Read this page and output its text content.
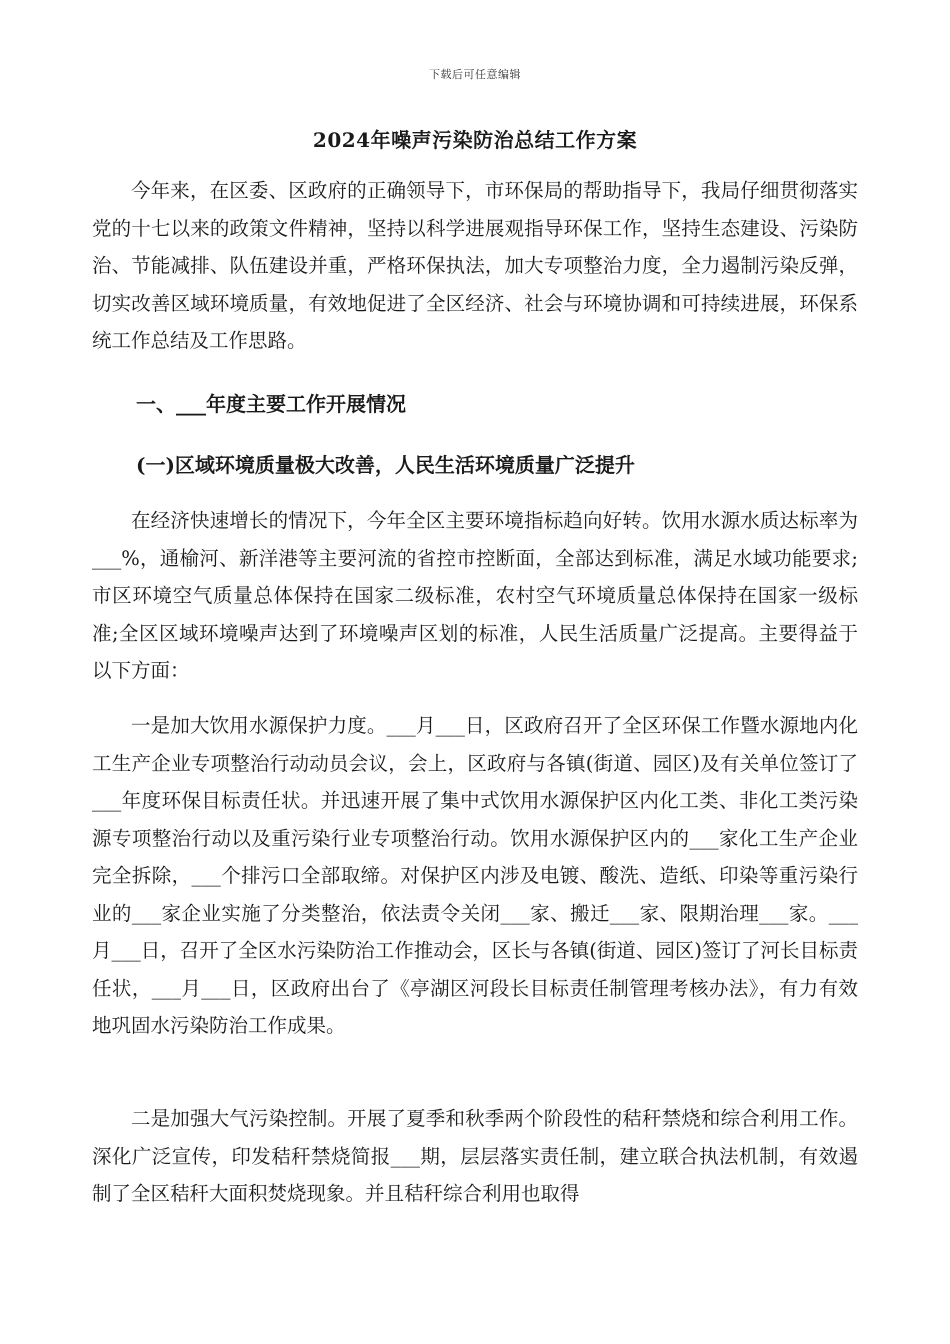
下载后可任意编辑
2024年噪声污染防治总结工作方案

今年来，在区委、区政府的正确领导下，市环保局的帮助指导下，我局仔细贯彻落实党的十七以来的政策文件精神，坚持以科学进展观指导环保工作，坚持生态建设、污染防治、节能减排、队伍建设并重，严格环保执法，加大专项整治力度，全力遏制污染反弹，切实改善区域环境质量，有效地促进了全区经济、社会与环境协调和可持续进展，环保系统工作总结及工作思路。

一、___年度主要工作开展情况

(一)区域环境质量极大改善，人民生活环境质量广泛提升

在经济快速增长的情况下，今年全区主要环境指标趋向好转。饮用水源水质达标率为___%，通榆河、新洋港等主要河流的省控市控断面，全部达到标准，满足水域功能要求;市区环境空气质量总体保持在国家二级标准，农村空气环境质量总体保持在国家一级标准;全区区域环境噪声达到了环境噪声区划的标准，人民生活质量广泛提高。主要得益于以下方面：

一是加大饮用水源保护力度。___月___日，区政府召开了全区环保工作暨水源地内化工生产企业专项整治行动动员会议，会上，区政府与各镇(街道、园区)及有关单位签订了___年度环保目标责任状。并迅速开展了集中式饮用水源保护区内化工类、非化工类污染源专项整治行动以及重污染行业专项整治行动。饮用水源保护区内的___家化工生产企业完全拆除，___个排污口全部取缔。对保护区内涉及电镀、酸洗、造纸、印染等重污染行业的___家企业实施了分类整治，依法责令关闭___家、搬迁___家、限期治理___家。___月___日，召开了全区水污染防治工作推动会，区长与各镇(街道、园区)签订了河长目标责任状，___月___日，区政府出台了《亭湖区河段长目标责任制管理考核办法》，有力有效地巩固水污染防治工作成果。

二是加强大气污染控制。开展了夏季和秋季两个阶段性的秸秆禁烧和综合利用工作。深化广泛宣传，印发秸秆禁烧简报___期，层层落实责任制，建立联合执法机制，有效遏制了全区秸秆大面积焚烧现象。并且秸秆综合利用也取得
